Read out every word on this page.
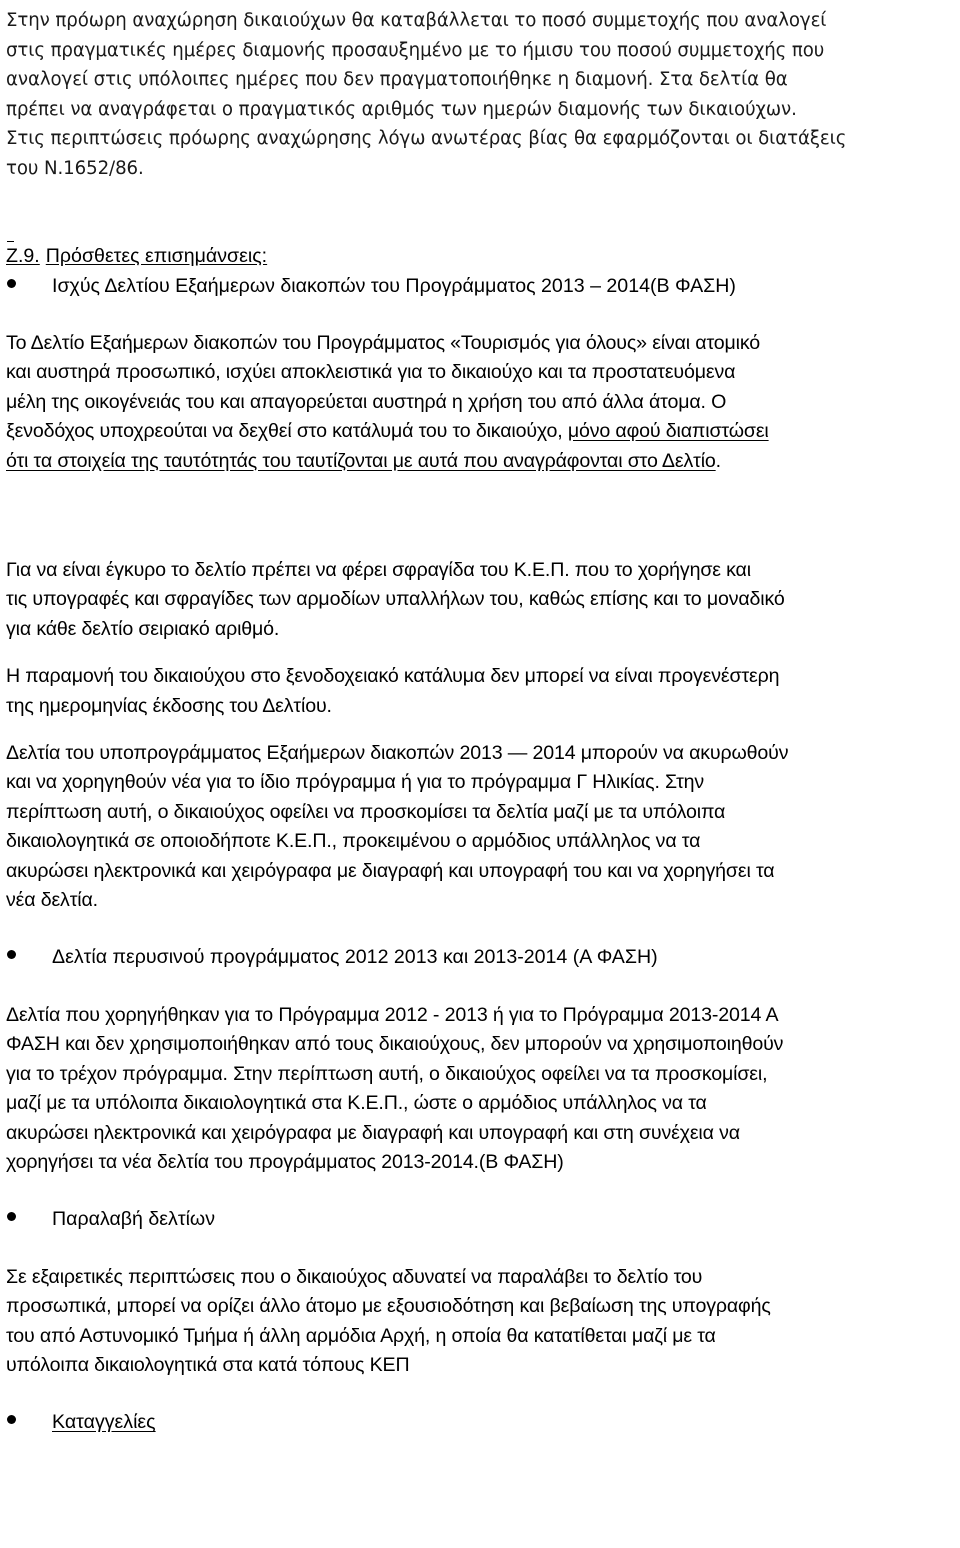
Στην πρόωρη αναχώρηση δικαιούχων θα καταβάλλεται το ποσό συμμετοχής που αναλογεί

στις πραγματικές ημέρες διαμονής προσαυξημένο με το ήμισυ του ποσού συμμετοχής που

αναλογεί στις υπόλοιπες ημέρες που δεν πραγματοποιήθηκε η διαμονή. Στα δελτία θα

πρέπει να αναγράφεται ο πραγματικός αριθμός των ημερών διαμονής των δικαιούχων.

Στις περιπτώσεις πρόωρης αναχώρησης λόγω ανωτέρας βίας θα εφαρμόζονται οι διατάξεις

του Ν.1652/86.

Ζ.9. Πρόσθετες επισημάνσεις:
Ισχύς Δελτίου Εξαήμερων διακοπών του Προγράμματος 2013 – 2014(Β ΦΑΣΗ)

Το Δελτίο Εξαήμερων διακοπών του Προγράμματος «Τουρισμός για όλους» είναι ατομικό

και αυστηρά προσωπικό, ισχύει αποκλειστικά για το δικαιούχο και τα προστατευόμενα

μέλη της οικογένειάς του και απαγορεύεται αυστηρά η χρήση του από άλλα άτομα. Ο

ξενοδόχος υποχρεούται να δεχθεί στο κατάλυμά του το δικαιούχο, μόνο αφού διαπιστώσει

ότι τα στοιχεία της ταυτότητάς του ταυτίζονται με αυτά που αναγράφονται στο Δελτίο.

Για να είναι έγκυρο το δελτίο πρέπει να φέρει σφραγίδα του Κ.Ε.Π. που το χορήγησε και

τις υπογραφές και σφραγίδες των αρμοδίων υπαλλήλων του, καθώς επίσης και το μοναδικό

για κάθε δελτίο σειριακό αριθμό.

Η παραμονή του δικαιούχου στο ξενοδοχειακό κατάλυμα δεν μπορεί να είναι προγενέστερη

της ημερομηνίας έκδοσης του Δελτίου.

Δελτία του υποπρογράμματος Εξαήμερων διακοπών 2013 — 2014 μπορούν να ακυρωθούν

και να χορηγηθούν νέα για το ίδιο πρόγραμμα ή για το πρόγραμμα Γ Ηλικίας. Στην

περίπτωση αυτή, ο δικαιούχος οφείλει να προσκομίσει τα δελτία μαζί με τα υπόλοιπα

δικαιολογητικά σε οποιοδήποτε Κ.Ε.Π., προκειμένου ο αρμόδιος υπάλληλος να τα

ακυρώσει ηλεκτρονικά και χειρόγραφα με διαγραφή και υπογραφή του και να χορηγήσει τα

νέα δελτία.

Δελτία περυσινού προγράμματος 2012 2013 και 2013-2014 (Α ΦΑΣΗ)

Δελτία που χορηγήθηκαν για το Πρόγραμμα 2012 - 2013 ή για το Πρόγραμμα 2013-2014 Α

ΦΑΣΗ και δεν χρησιμοποιήθηκαν από τους δικαιούχους, δεν μπορούν να χρησιμοποιηθούν

για το τρέχον πρόγραμμα. Στην περίπτωση αυτή, ο δικαιούχος οφείλει να τα προσκομίσει,

μαζί με τα υπόλοιπα δικαιολογητικά στα Κ.Ε.Π., ώστε ο αρμόδιος υπάλληλος να τα

ακυρώσει ηλεκτρονικά και χειρόγραφα με διαγραφή και υπογραφή και στη συνέχεια να

χορηγήσει τα νέα δελτία του προγράμματος 2013-2014.(Β ΦΑΣΗ)

Παραλαβή δελτίων

Σε εξαιρετικές περιπτώσεις που ο δικαιούχος αδυνατεί να παραλάβει το δελτίο του

προσωπικά, μπορεί να ορίζει άλλο άτομο με εξουσιοδότηση και βεβαίωση της υπογραφής

του από Αστυνομικό Τμήμα ή άλλη αρμόδια Αρχή, η οποία θα κατατίθεται μαζί με τα

υπόλοιπα δικαιολογητικά στα κατά τόπους ΚΕΠ

Καταγγελίες
